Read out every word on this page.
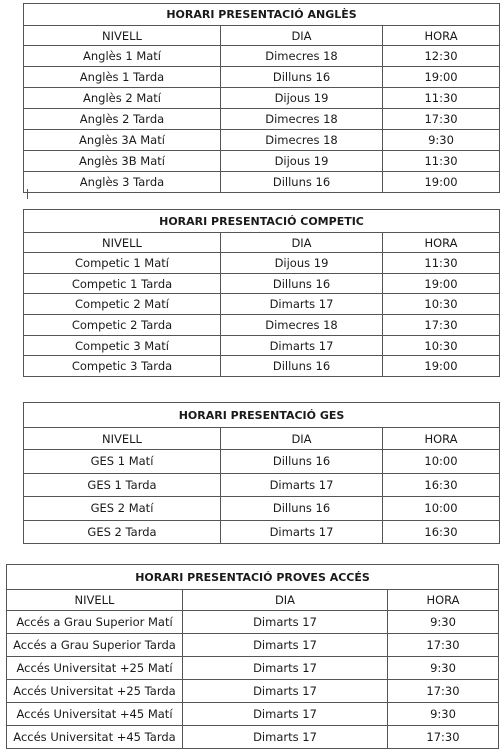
HORARI PRESENTACIÓ ANGLÈS		
NIVELL	DIA	HORA
Anglès 1 Matí	Dimecres 18	12:30
Anglès 1 Tarda	Dilluns 16	19:00
Anglès 2 Matí	Dijous 19	11:30
Anglès 2 Tarda	Dimecres 18	17:30
Anglès 3A Matí	Dimecres 18	9:30
Anglès 3B Matí	Dijous 19	11:30
Anglès 3 Tarda	Dilluns 16	19:00
HORARI PRESENTACIÓ COMPETIC		
NIVELL	DIA	HORA
Competic 1 Matí	Dijous 19	11:30
Competic 1 Tarda	Dilluns 16	19:00
Competic 2 Matí	Dimarts 17	10:30
Competic 2 Tarda	Dimecres 18	17:30
Competic 3 Matí	Dimarts 17	10:30
Competic 3 Tarda	Dilluns 16	19:00
HORARI PRESENTACIÓ GES		
NIVELL	DIA	HORA
GES 1 Matí	Dilluns 16	10:00
GES 1 Tarda	Dimarts 17	16:30
GES 2 Matí	Dilluns 16	10:00
GES 2 Tarda	Dimarts 17	16:30
HORARI PRESENTACIÓ PROVES ACCÉS		
NIVELL	DIA	HORA
Accés a Grau Superior Matí	Dimarts 17	9:30
Accés a Grau Superior Tarda	Dimarts 17	17:30
Accés Universitat +25 Matí	Dimarts 17	9:30
Accés Universitat +25 Tarda	Dimarts 17	17:30
Accés Universitat +45 Matí	Dimarts 17	9:30
Accés Universitat +45 Tarda	Dimarts 17	17:30
